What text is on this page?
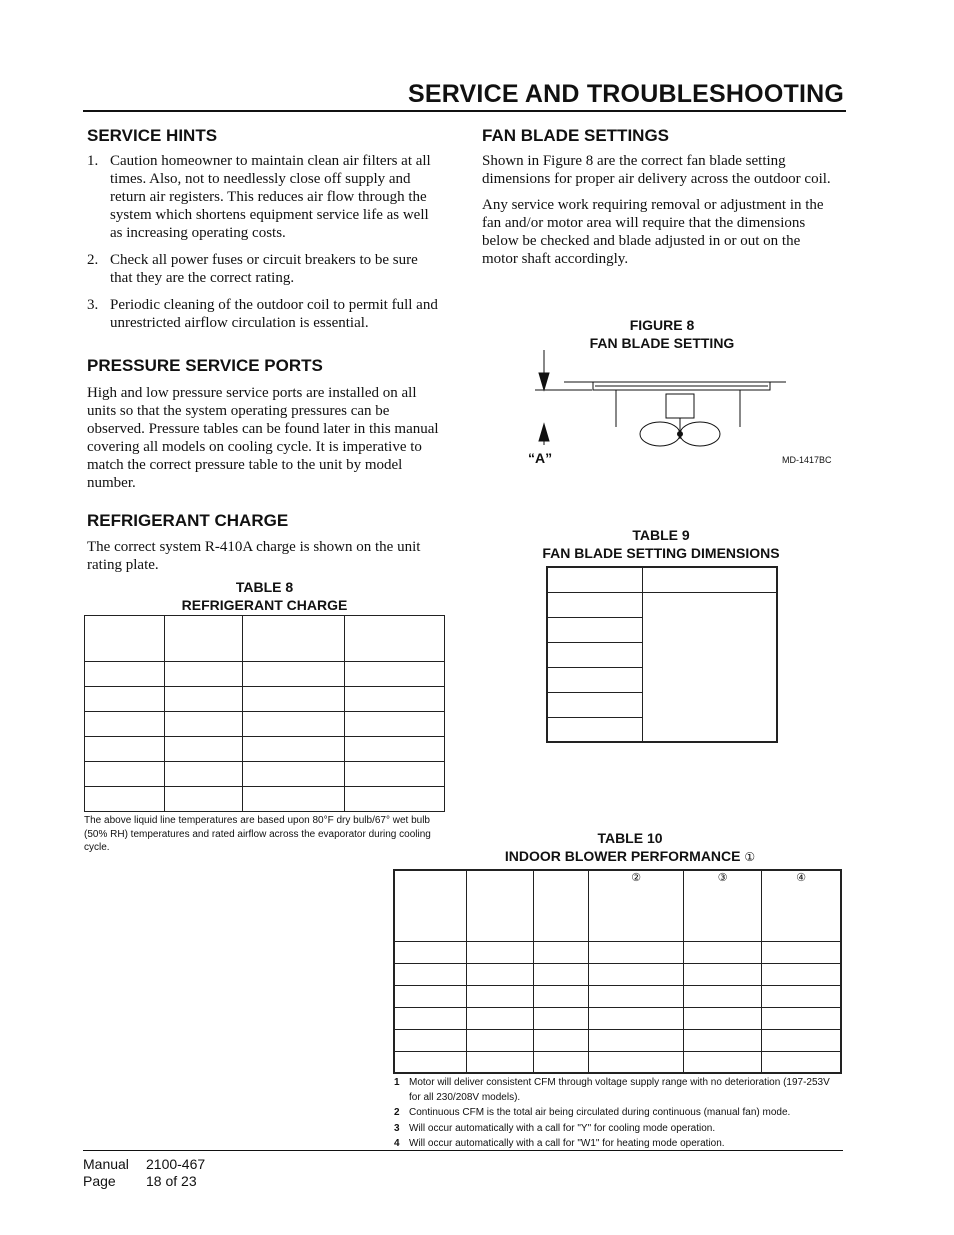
SERVICE AND TROUBLESHOOTING
SERVICE HINTS
1. Caution homeowner to maintain clean air filters at all times. Also, not to needlessly close off supply and return air registers. This reduces air flow through the system which shortens equipment service life as well as increasing operating costs.
2. Check all power fuses or circuit breakers to be sure that they are the correct rating.
3. Periodic cleaning of the outdoor coil to permit full and unrestricted airflow circulation is essential.
PRESSURE SERVICE PORTS
High and low pressure service ports are installed on all units so that the system operating pressures can be observed. Pressure tables can be found later in this manual covering all models on cooling cycle. It is imperative to match the correct pressure table to the unit by model number.
REFRIGERANT CHARGE
The correct system R-410A charge is shown on the unit rating plate.
TABLE 8
REFRIGERANT CHARGE

The above liquid line temperatures are based upon 80°F dry bulb/67° wet bulb (50% RH) temperatures and rated airflow across the evaporator during cooling cycle.
FAN BLADE SETTINGS

Shown in Figure 8 are the correct fan blade setting dimensions for proper air delivery across the outdoor coil.

Any service work requiring removal or adjustment in the fan and/or motor area will require that the dimensions below be checked and blade adjusted in or out on the motor shaft accordingly.

FIGURE 8
FAN BLADE SETTING
“A”	MD-1417BC
TABLE 9
FAN BLADE SETTING DIMENSIONS

TABLE 10
INDOOR BLOWER PERFORMANCE ①
			②	③	④

1 Motor will deliver consistent CFM through voltage supply range with no deterioration (197-253V for all 230/208V models).
2 Continuous CFM is the total air being circulated during continuous (manual fan) mode.
3 Will occur automatically with a call for "Y" for cooling mode operation.
4 Will occur automatically with a call for "W1" for heating mode operation.
Manual 2100-467
Page 18 of 23
